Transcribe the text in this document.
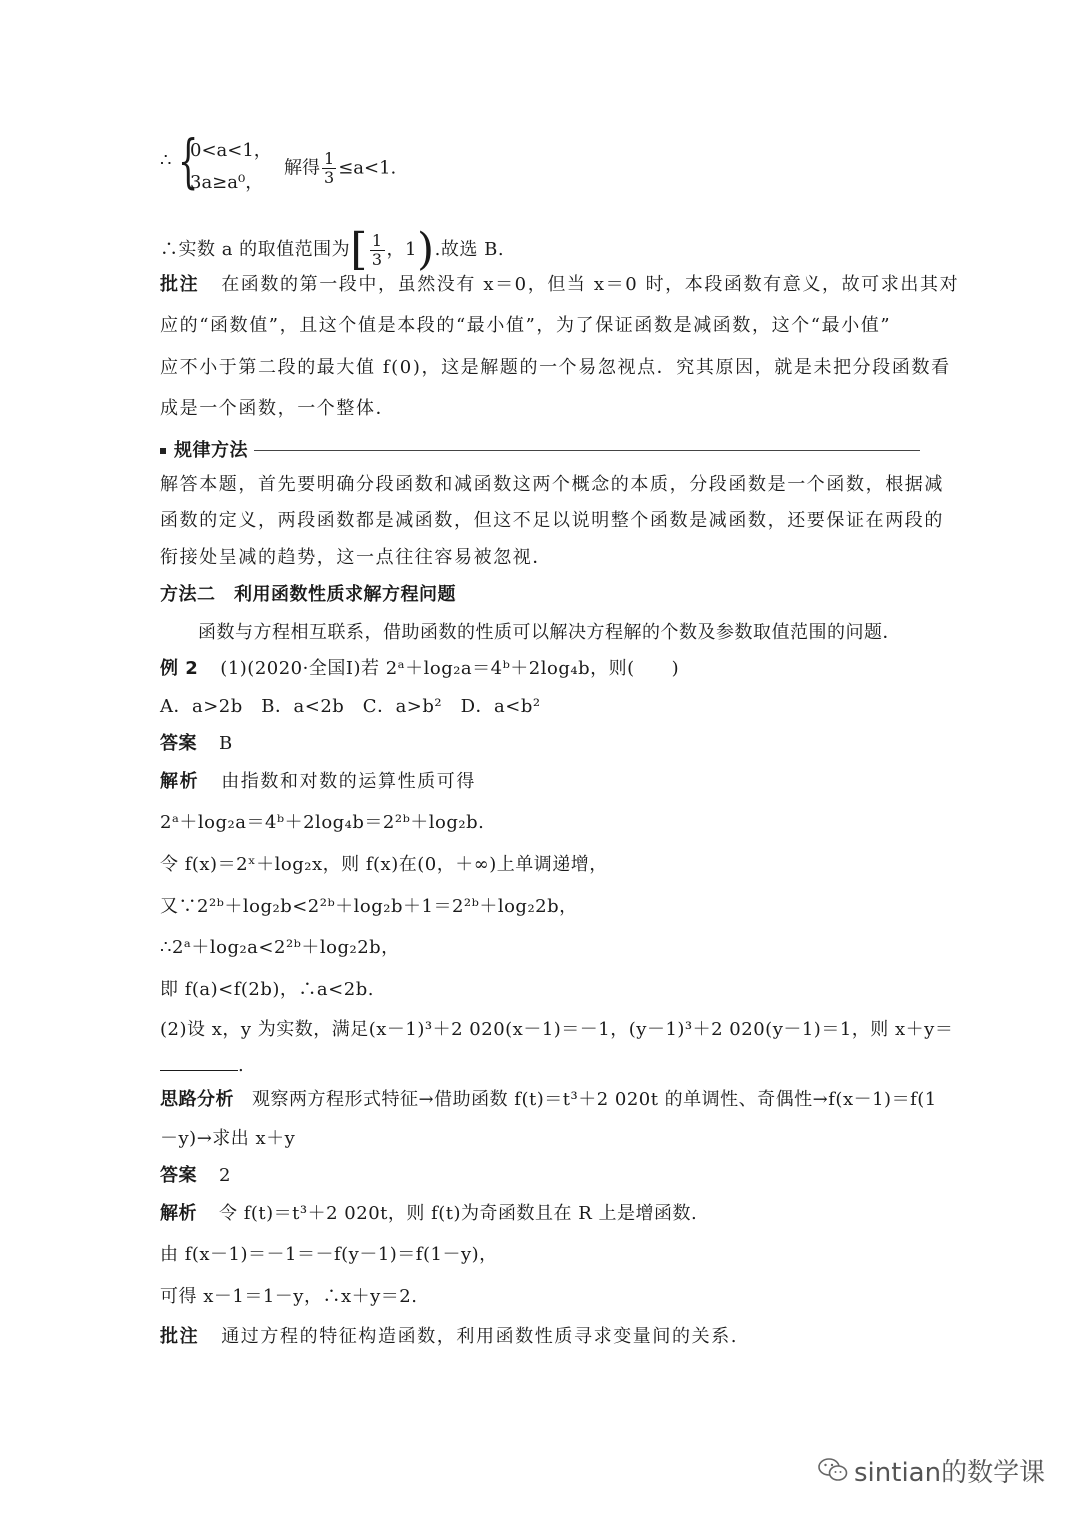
∴ {
0<a<1，
3a≥a⁰，
解得 $\frac{1}{3} \le a<1$.
∴实数 a 的取值范围为[ $\frac{1}{3}$ ，1).故选 B.
批注 在函数的第一段中，虽然没有 x＝0，但当 x＝0 时，本段函数有意义，故可求出其对
应的“函数值”，且这个值是本段的“最小值”，为了保证函数是减函数，这个“最小值”
应不小于第二段的最大值 f(0)，这是解题的一个易忽视点．究其原因，就是未把分段函数看
成是一个函数，一个整体．
规律方法
解答本题，首先要明确分段函数和减函数这两个概念的本质，分段函数是一个函数，根据减
函数的定义，两段函数都是减函数，但这不足以说明整个函数是减函数，还要保证在两段的
衔接处呈减的趋势，这一点往往容易被忽视．
方法二　利用函数性质求解方程问题
函数与方程相互联系，借助函数的性质可以解决方程解的个数及参数取值范围的问题．
例 2 (1)(2020·全国Ⅰ)若 2ᵃ＋log₂a＝4ᵇ＋2log₄b，则(　　)
A．a>2b　B．a<2b　C．a>b²　D．a<b²
答案 B
解析 由指数和对数的运算性质可得
2ᵃ＋log₂a＝4ᵇ＋2log₄b＝2²ᵇ＋log₂b.
令 f(x)＝2ˣ＋log₂x，则 f(x)在(0，＋∞)上单调递增，
又∵2²ᵇ＋log₂b<2²ᵇ＋log₂b＋1＝2²ᵇ＋log₂2b，
∴2ᵃ＋log₂a<2²ᵇ＋log₂2b，
即 f(a)<f(2b)，∴a<2b.
(2)设 x，y 为实数，满足(x－1)³＋2 020(x－1)＝－1，(y－1)³＋2 020(y－1)＝1，则 x＋y＝
.
思路分析 观察两方程形式特征→借助函数 f(t)＝t³＋2 020t 的单调性、奇偶性→f(x－1)＝f(1
－y)→求出 x＋y
答案 2
解析 令 f(t)＝t³＋2 020t，则 f(t)为奇函数且在 R 上是增函数.
由 f(x－1)＝－1＝－f(y－1)＝f(1－y)，
可得 x－1＝1－y，∴x＋y＝2.
批注 通过方程的特征构造函数，利用函数性质寻求变量间的关系.
sintian的数学课
